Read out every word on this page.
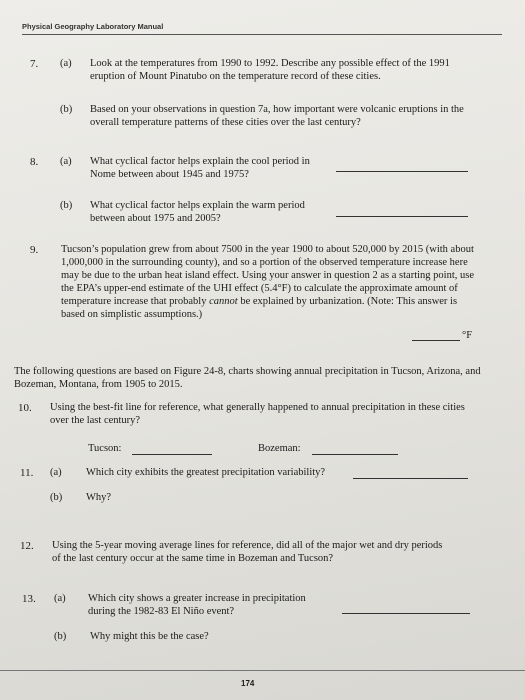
Physical Geography Laboratory Manual
7. (a) Look at the temperatures from 1990 to 1992. Describe any possible effect of the 1991 eruption of Mount Pinatubo on the temperature record of these cities.
(b) Based on your observations in question 7a, how important were volcanic eruptions in the overall temperature patterns of these cities over the last century?
8. (a) What cyclical factor helps explain the cool period in Nome between about 1945 and 1975?
(b) What cyclical factor helps explain the warm period between about 1975 and 2005?
9. Tucson’s population grew from about 7500 in the year 1900 to about 520,000 by 2015 (with about 1,000,000 in the surrounding county), and so a portion of the observed temperature increase here may be due to the urban heat island effect. Using your answer in question 2 as a starting point, use the EPA’s upper-end estimate of the UHI effect (5.4°F) to calculate the approximate amount of temperature increase that probably cannot be explained by urbanization. (Note: This answer is based on simplistic assumptions.)
°F
The following questions are based on Figure 24-8, charts showing annual precipitation in Tucson, Arizona, and Bozeman, Montana, from 1905 to 2015.
10. Using the best-fit line for reference, what generally happened to annual precipitation in these cities over the last century?
Tucson:	Bozeman:
11. (a) Which city exhibits the greatest precipitation variability?
(b) Why?
12. Using the 5-year moving average lines for reference, did all of the major wet and dry periods of the last century occur at the same time in Bozeman and Tucson?
13. (a) Which city shows a greater increase in precipitation during the 1982-83 El Niño event?
(b) Why might this be the case?
174
